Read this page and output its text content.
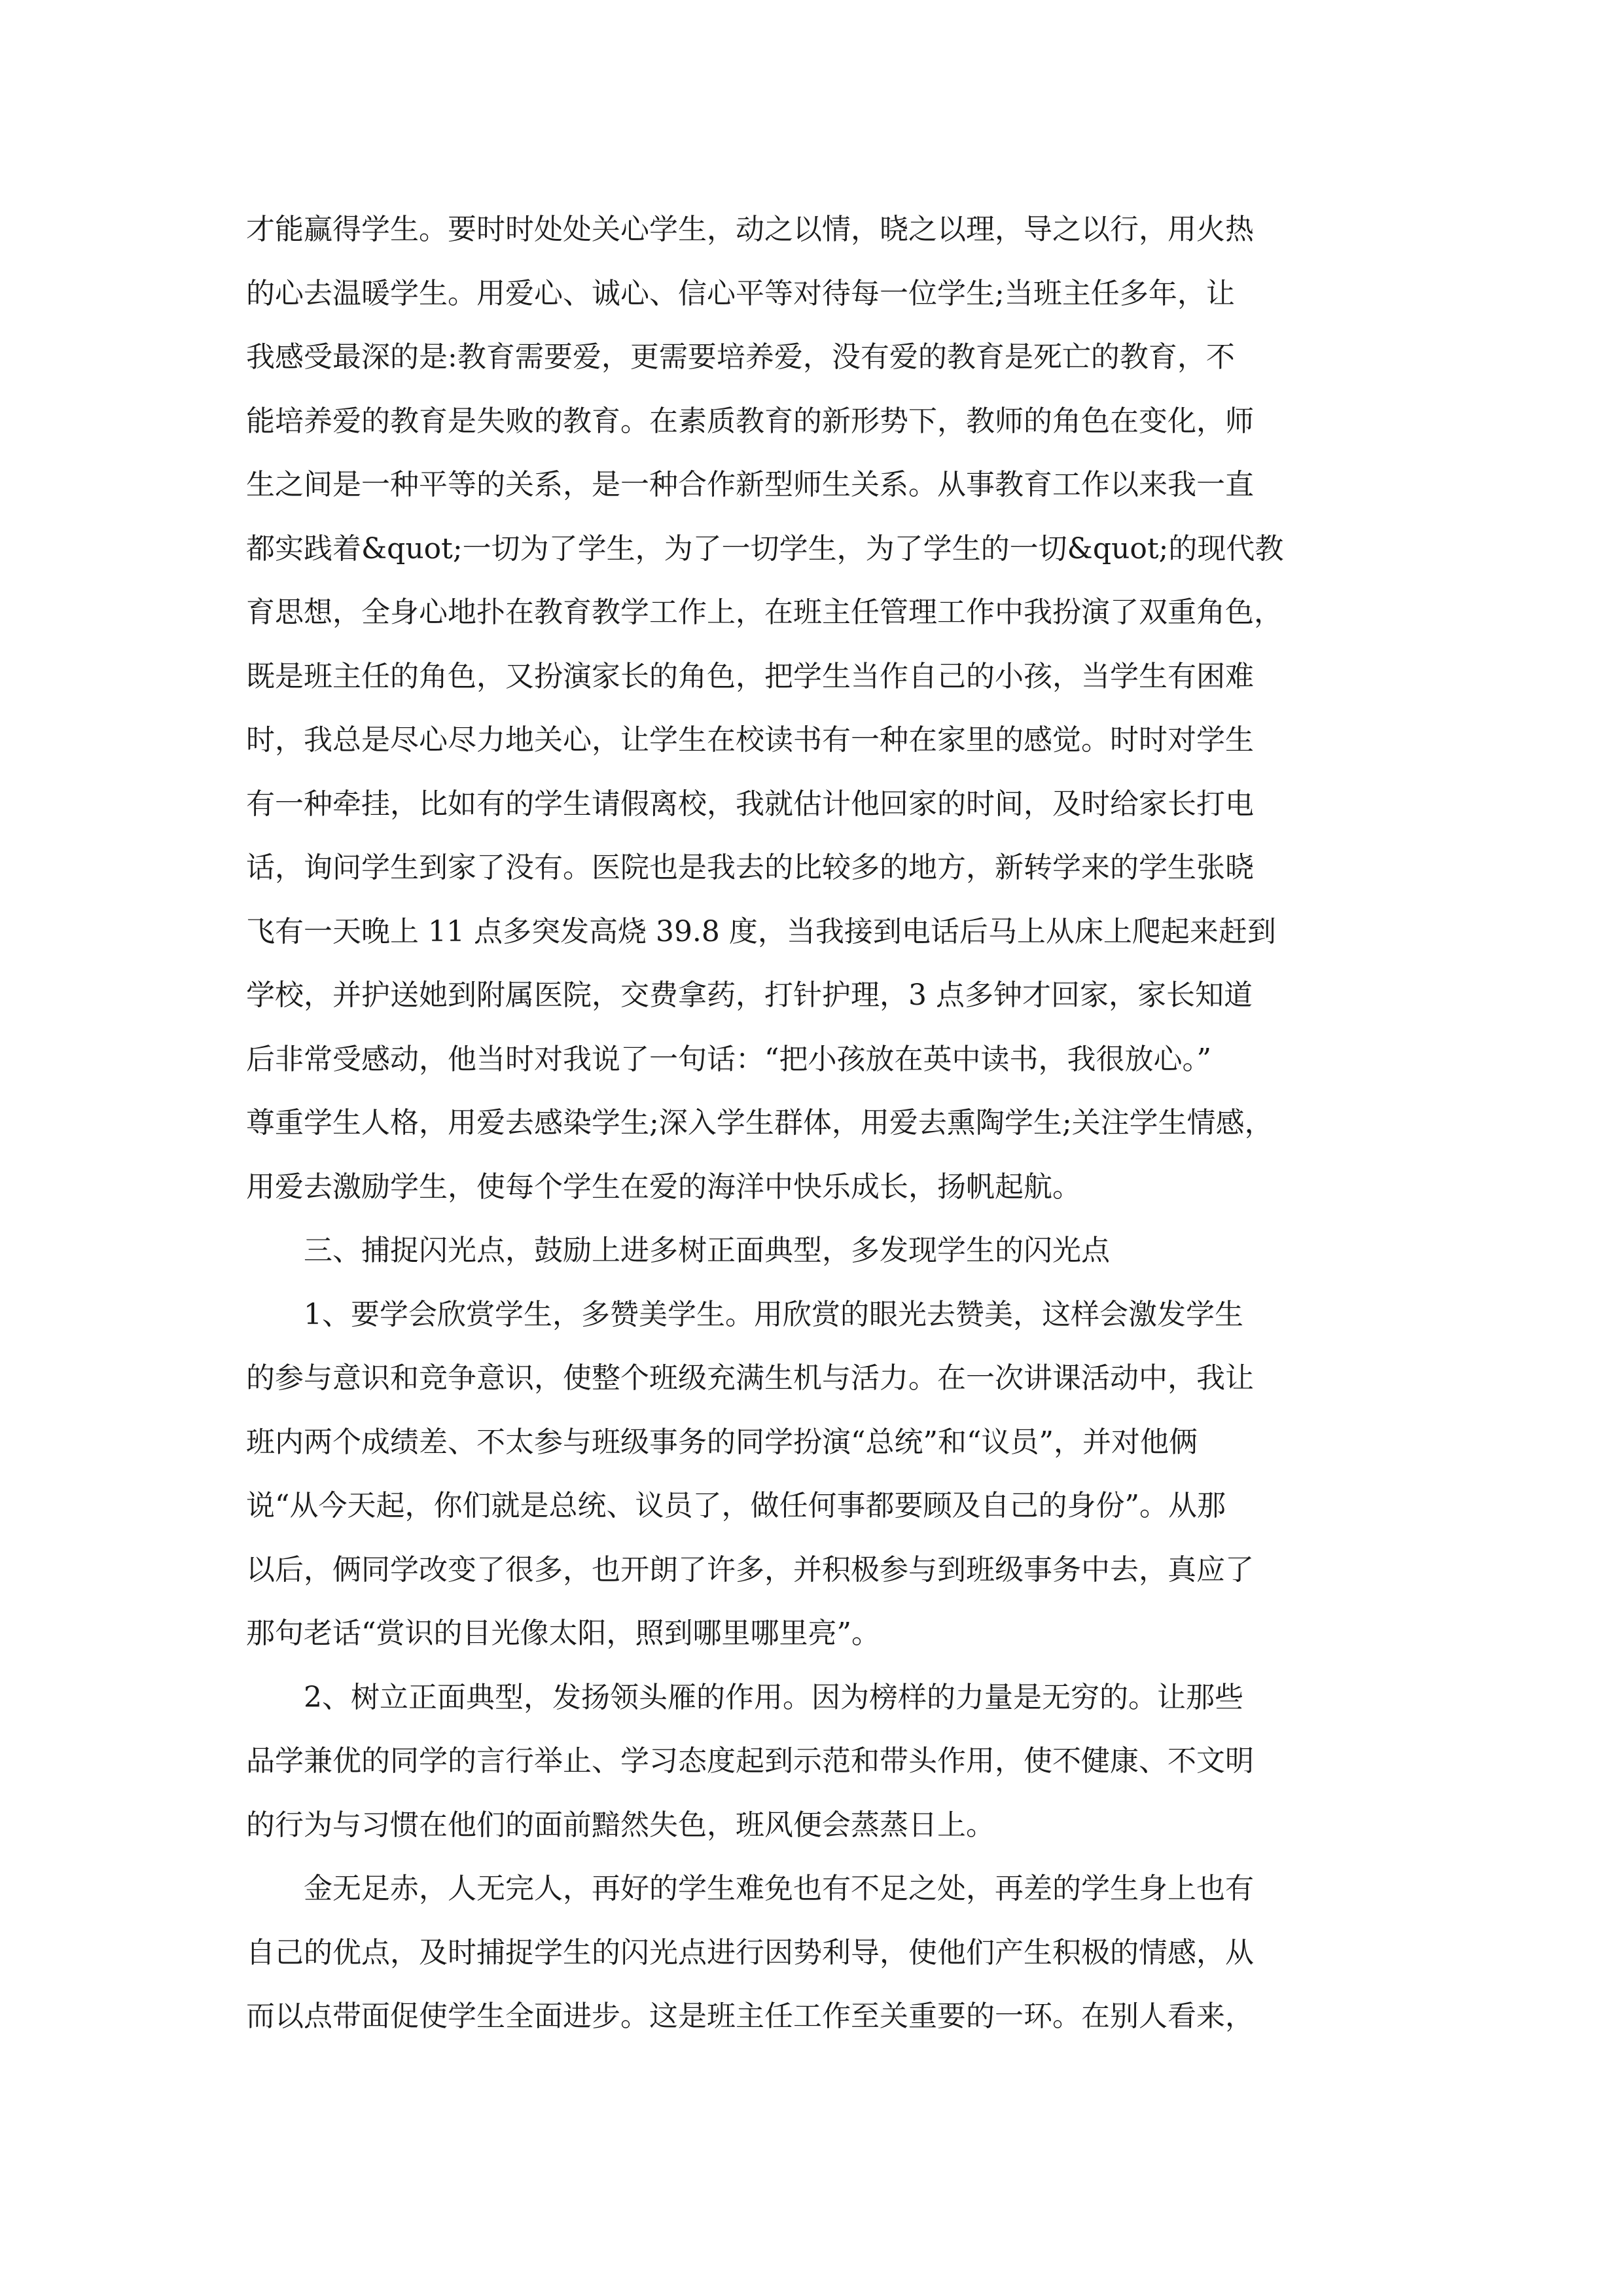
才能赢得学生。要时时处处关心学生，动之以情，晓之以理，导之以行，用火热
的心去温暖学生。用爱心、诚心、信心平等对待每一位学生;当班主任多年，让
我感受最深的是:教育需要爱，更需要培养爱，没有爱的教育是死亡的教育，不
能培养爱的教育是失败的教育。在素质教育的新形势下，教师的角色在变化，师
生之间是一种平等的关系，是一种合作新型师生关系。从事教育工作以来我一直
都实践着&quot;一切为了学生，为了一切学生，为了学生的一切&quot;的现代教
育思想，全身心地扑在教育教学工作上，在班主任管理工作中我扮演了双重角色，
既是班主任的角色，又扮演家长的角色，把学生当作自己的小孩，当学生有困难
时，我总是尽心尽力地关心，让学生在校读书有一种在家里的感觉。时时对学生
有一种牵挂，比如有的学生请假离校，我就估计他回家的时间，及时给家长打电
话，询问学生到家了没有。医院也是我去的比较多的地方，新转学来的学生张晓
飞有一天晚上 11 点多突发高烧 39.8 度，当我接到电话后马上从床上爬起来赶到
学校，并护送她到附属医院，交费拿药，打针护理，3 点多钟才回家，家长知道
后非常受感动，他当时对我说了一句话：“把小孩放在英中读书，我很放心。”
尊重学生人格，用爱去感染学生;深入学生群体，用爱去熏陶学生;关注学生情感，
用爱去激励学生，使每个学生在爱的海洋中快乐成长，扬帆起航。
三、捕捉闪光点，鼓励上进多树正面典型，多发现学生的闪光点
1、要学会欣赏学生，多赞美学生。用欣赏的眼光去赞美，这样会激发学生
的参与意识和竞争意识，使整个班级充满生机与活力。在一次讲课活动中，我让
班内两个成绩差、不太参与班级事务的同学扮演“总统”和“议员”，并对他俩
说“从今天起，你们就是总统、议员了，做任何事都要顾及自己的身份”。从那
以后，俩同学改变了很多，也开朗了许多，并积极参与到班级事务中去，真应了
那句老话“赏识的目光像太阳，照到哪里哪里亮”。
2、树立正面典型，发扬领头雁的作用。因为榜样的力量是无穷的。让那些
品学兼优的同学的言行举止、学习态度起到示范和带头作用，使不健康、不文明
的行为与习惯在他们的面前黯然失色，班风便会蒸蒸日上。
金无足赤，人无完人，再好的学生难免也有不足之处，再差的学生身上也有
自己的优点，及时捕捉学生的闪光点进行因势利导，使他们产生积极的情感，从
而以点带面促使学生全面进步。这是班主任工作至关重要的一环。在别人看来，
